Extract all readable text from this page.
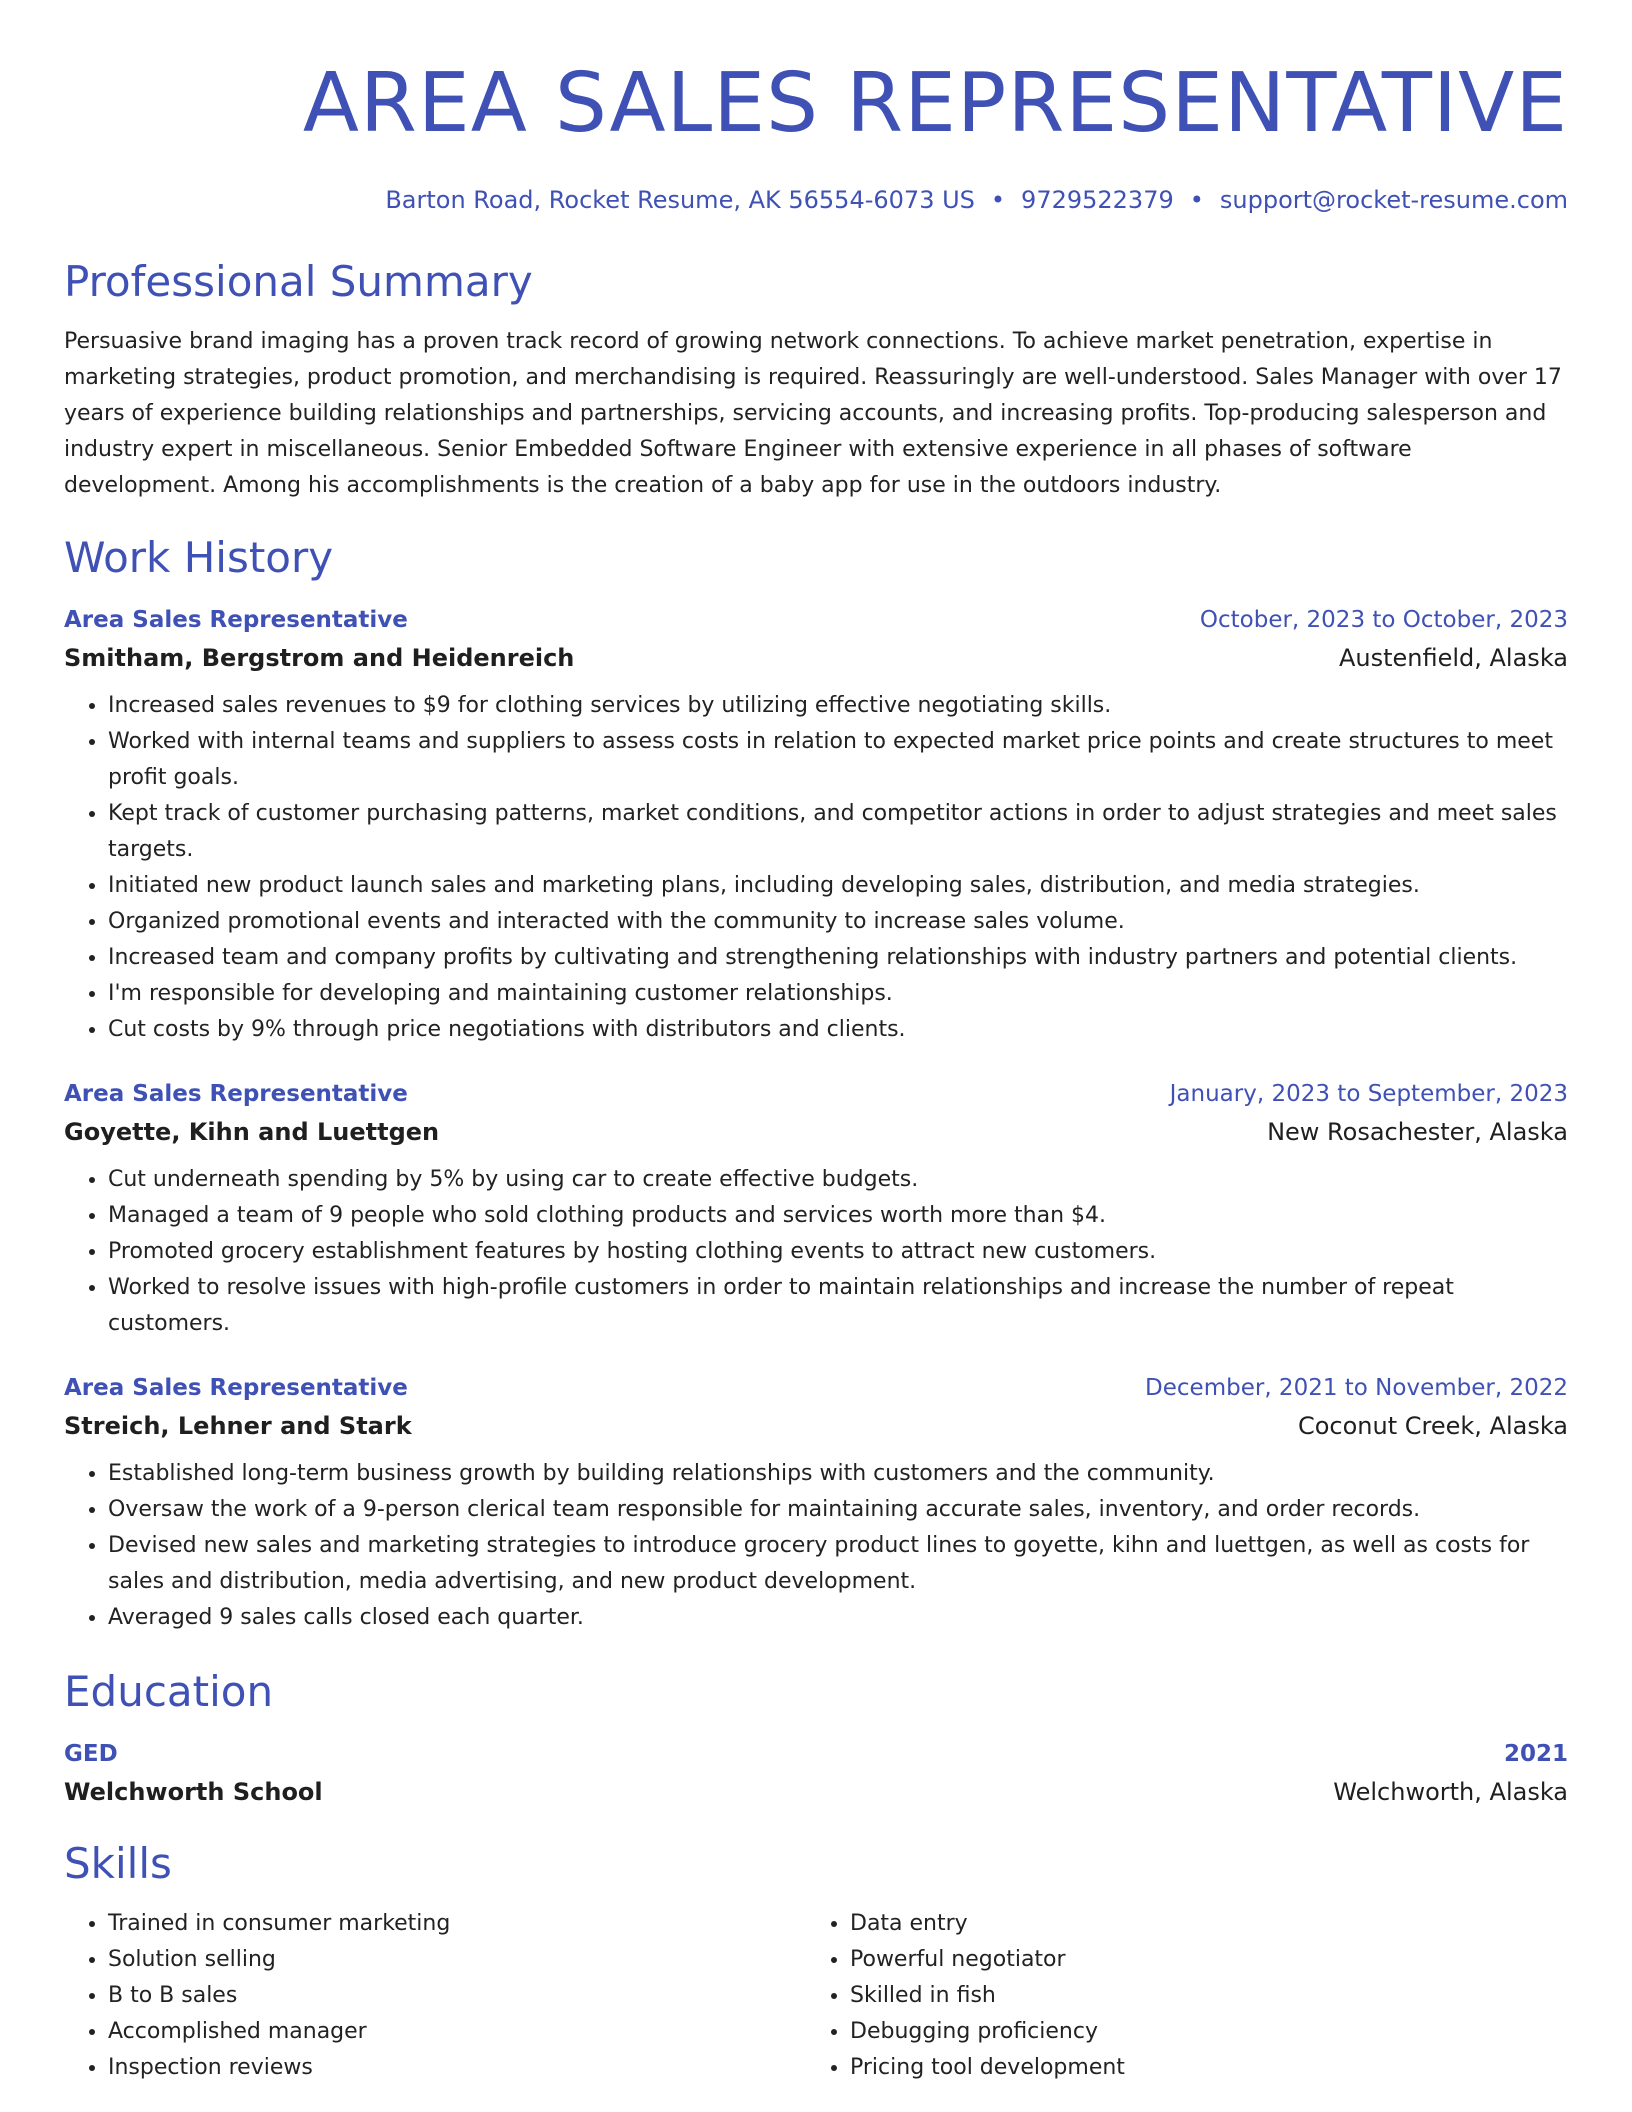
AREA SALES REPRESENTATIVE
Barton Road, Rocket Resume, AK 56554-6073 US • 9729522379 • support@rocket-resume.com
Professional Summary
Persuasive brand imaging has a proven track record of growing network connections. To achieve market penetration, expertise in marketing strategies, product promotion, and merchandising is required. Reassuringly are well-understood. Sales Manager with over 17 years of experience building relationships and partnerships, servicing accounts, and increasing profits. Top-producing salesperson and industry expert in miscellaneous. Senior Embedded Software Engineer with extensive experience in all phases of software development. Among his accomplishments is the creation of a baby app for use in the outdoors industry.
Work History
Area Sales Representative	October, 2023 to October, 2023
Smitham, Bergstrom and Heidenreich	Austenfield, Alaska
• Increased sales revenues to $9 for clothing services by utilizing effective negotiating skills.
• Worked with internal teams and suppliers to assess costs in relation to expected market price points and create structures to meet profit goals.
• Kept track of customer purchasing patterns, market conditions, and competitor actions in order to adjust strategies and meet sales targets.
• Initiated new product launch sales and marketing plans, including developing sales, distribution, and media strategies.
• Organized promotional events and interacted with the community to increase sales volume.
• Increased team and company profits by cultivating and strengthening relationships with industry partners and potential clients.
• I'm responsible for developing and maintaining customer relationships.
• Cut costs by 9% through price negotiations with distributors and clients.
Area Sales Representative	January, 2023 to September, 2023
Goyette, Kihn and Luettgen	New Rosachester, Alaska
• Cut underneath spending by 5% by using car to create effective budgets.
• Managed a team of 9 people who sold clothing products and services worth more than $4.
• Promoted grocery establishment features by hosting clothing events to attract new customers.
• Worked to resolve issues with high-profile customers in order to maintain relationships and increase the number of repeat customers.
Area Sales Representative	December, 2021 to November, 2022
Streich, Lehner and Stark	Coconut Creek, Alaska
• Established long-term business growth by building relationships with customers and the community.
• Oversaw the work of a 9-person clerical team responsible for maintaining accurate sales, inventory, and order records.
• Devised new sales and marketing strategies to introduce grocery product lines to goyette, kihn and luettgen, as well as costs for sales and distribution, media advertising, and new product development.
• Averaged 9 sales calls closed each quarter.
Education
GED	2021
Welchworth School	Welchworth, Alaska
Skills
• Trained in consumer marketing
• Solution selling
• B to B sales
• Accomplished manager
• Inspection reviews
• Data entry
• Powerful negotiator
• Skilled in fish
• Debugging proficiency
• Pricing tool development
